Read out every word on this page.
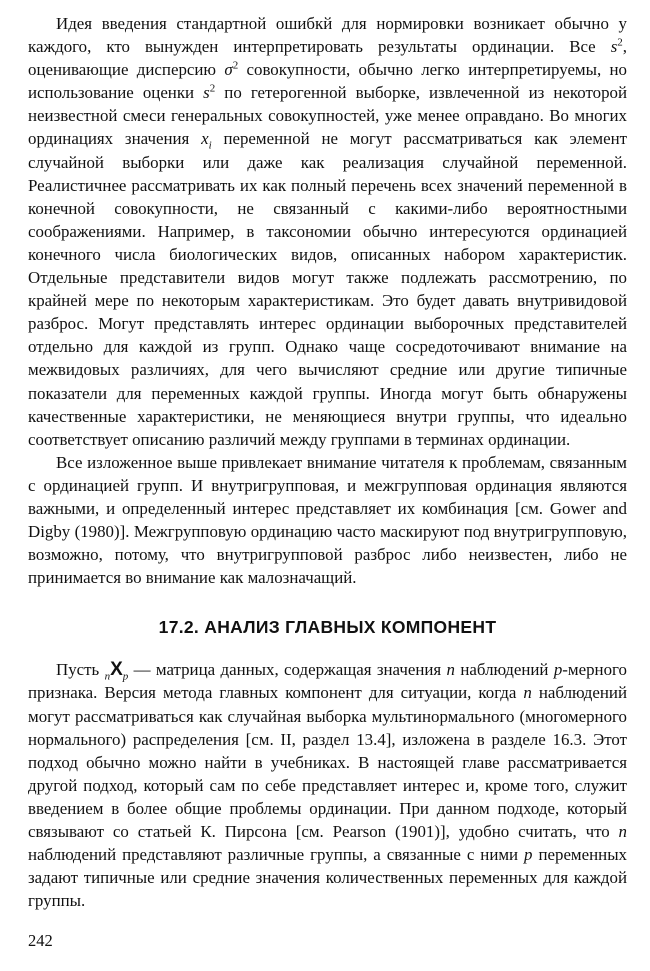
Идея введения стандартной ошибкй для нормировки возникает обычно у каждого, кто вынужден интерпретировать результаты ординации. Все $s^2$, оценивающие дисперсию $\sigma^2$ совокупности, обычно легко интерпретируемы, но использование оценки $s^2$ по гетерогенной выборке, извлеченной из некоторой неизвестной смеси генеральных совокупностей, уже менее оправдано. Во многих ординациях значения $x_i$ переменной не могут рассматриваться как элемент случайной выборки или даже как реализация случайной переменной. Реалистичнее рассматривать их как полный перечень всех значений переменной в конечной совокупности, не связанный с какими-либо вероятностными соображениями. Например, в таксономии обычно интересуются ординацией конечного числа биологических видов, описанных набором характеристик. Отдельные представители видов могут также подлежать рассмотрению, по крайней мере по некоторым характеристикам. Это будет давать внутривидовой разброс. Могут представлять интерес ординации выборочных представителей отдельно для каждой из групп. Однако чаще сосредоточивают внимание на межвидовых различиях, для чего вычисляют средние или другие типичные показатели для переменных каждой группы. Иногда могут быть обнаружены качественные характеристики, не меняющиеся внутри группы, что идеально соответствует описанию различий между группами в терминах ординации.

Все изложенное выше привлекает внимание читателя к проблемам, связанным с ординацией групп. И внутригрупповая, и межгрупповая ординация являются важными, и определенный интерес представляет их комбинация [см. Gower and Digby (1980)]. Межгрупповую ординацию часто маскируют под внутригрупповую, возможно, потому, что внутригрупповой разброс либо неизвестен, либо не принимается во внимание как малозначащий.

17.2. АНАЛИЗ ГЛАВНЫХ КОМПОНЕНТ

Пусть $_nX_p$ — матрица данных, содержащая значения n наблюдений p-мерного признака. Версия метода главных компонент для ситуации, когда n наблюдений могут рассматриваться как случайная выборка мультинормального (многомерного нормального) распределения [см. II, раздел 13.4], изложена в разделе 16.3. Этот подход обычно можно найти в учебниках. В настоящей главе рассматривается другой подход, который сам по себе представляет интерес и, кроме того, служит введением в более общие проблемы ординации. При данном подходе, который связывают со статьей К. Пирсона [см. Pearson (1901)], удобно считать, что n наблюдений представляют различные группы, а связанные с ними p переменных задают типичные или средние значения количественных переменных для каждой группы.

242
